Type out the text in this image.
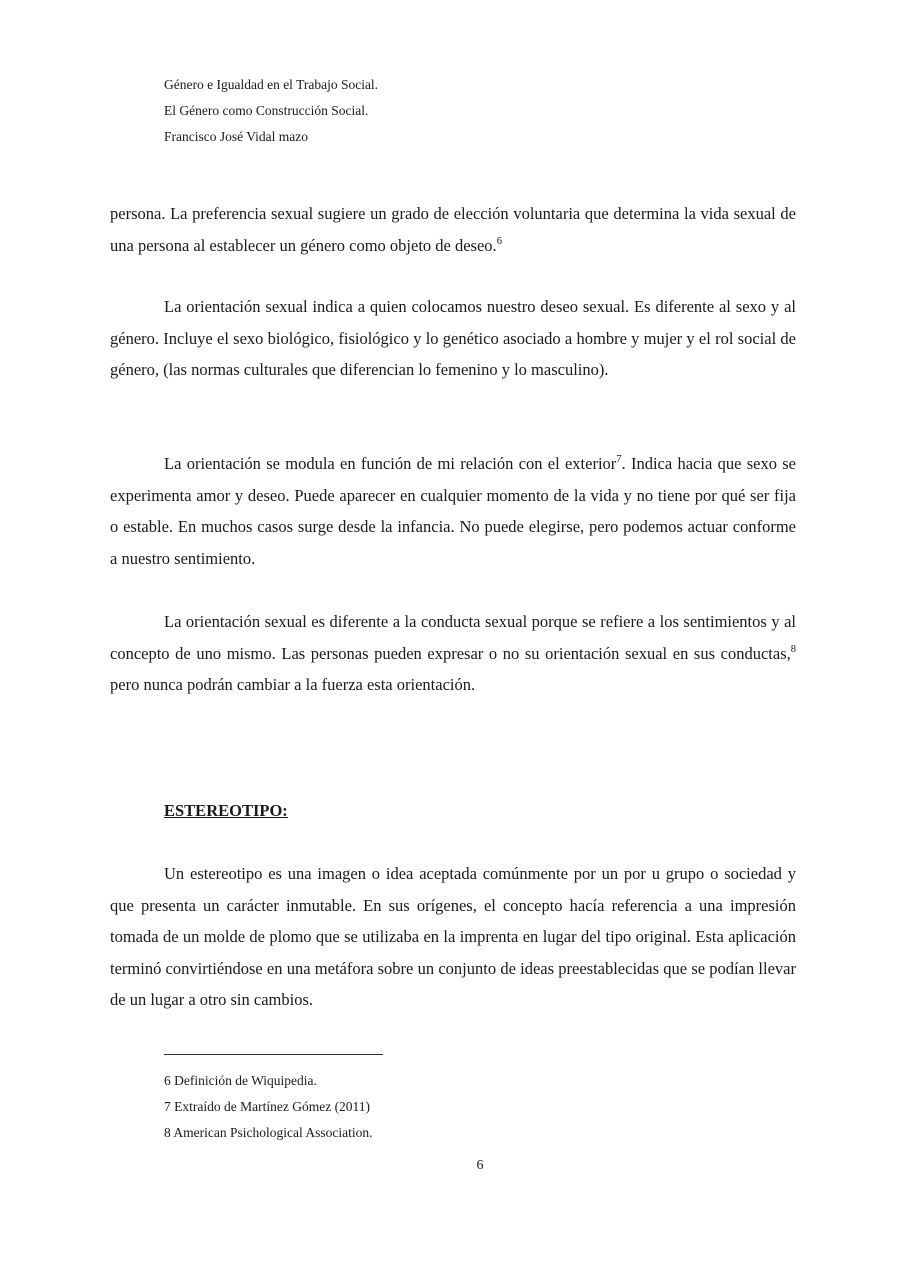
Género e Igualdad en el Trabajo Social.
El Género como Construcción Social.
Francisco José Vidal mazo

persona. La preferencia sexual sugiere un grado de elección voluntaria que determina la vida sexual de una persona al establecer un género como objeto de deseo.$^6$

La orientación sexual indica a quien colocamos nuestro deseo sexual. Es diferente al sexo y al género. Incluye el sexo biológico, fisiológico y lo genético asociado a hombre y mujer y el rol social de género, (las normas culturales que diferencian lo femenino y lo masculino).

La orientación se modula en función de mi relación con el exterior$^7$. Indica hacia que sexo se experimenta amor y deseo. Puede aparecer en cualquier momento de la vida y no tiene por qué ser fija o estable. En muchos casos surge desde la infancia. No puede elegirse, pero podemos actuar conforme a nuestro sentimiento.

La orientación sexual es diferente a la conducta sexual porque se refiere a los sentimientos y al concepto de uno mismo. Las personas pueden expresar o no su orientación sexual en sus conductas,$^8$ pero nunca podrán cambiar a la fuerza esta orientación.

ESTEREOTIPO:

Un estereotipo es una imagen o idea aceptada comúnmente por un por u grupo o sociedad y que presenta un carácter inmutable. En sus orígenes, el concepto hacía referencia a una impresión tomada de un molde de plomo que se utilizaba en la imprenta en lugar del tipo original. Esta aplicación terminó convirtiéndose en una metáfora sobre un conjunto de ideas preestablecidas que se podían llevar de un lugar a otro sin cambios.

6 Definición de Wiquipedia.
7 Extraído de Martínez Gómez (2011)
8 American Psichological Association.
6
